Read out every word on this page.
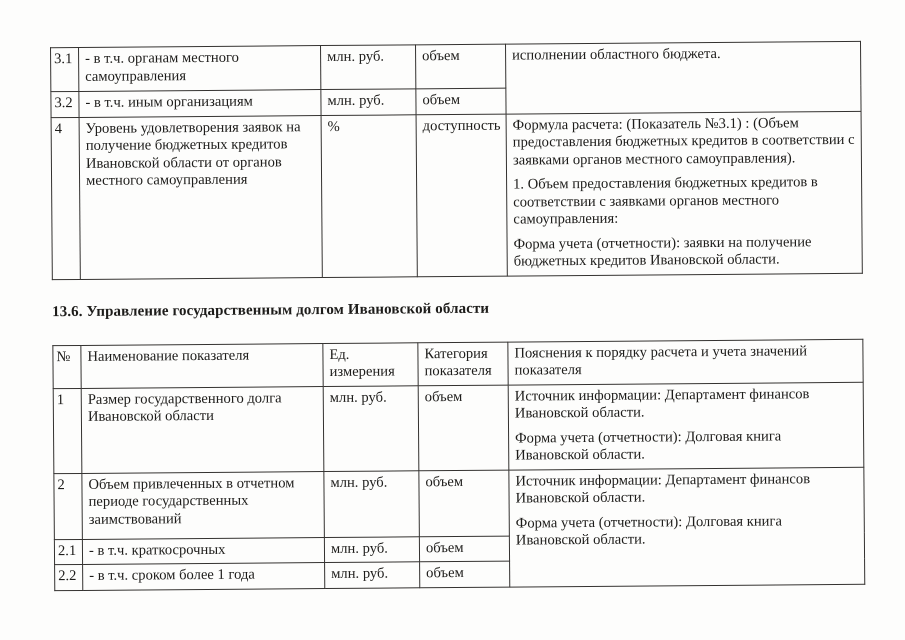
3.1	- в т.ч. органам местного самоуправления	млн. руб.	объем	исполнении областного бюджета.

3.2	- в т.ч. иным организациям	млн. руб.	объем	
4	Уровень удовлетворения заявок на получение бюджетных кредитов Ивановской области от органов местного самоуправления	%	доступность	Формула расчета: (Показатель №3.1) : (Объем предоставления бюджетных кредитов в соответствии с заявками органов местного самоуправления).

1. Объем предоставления бюджетных кредитов в соответствии с заявками органов местного самоуправления:

Форма учета (отчетности): заявки на получение бюджетных кредитов Ивановской области.

13.6. Управление государственным долгом Ивановской области
№	Наименование показателя	Ед. измерения	Категория показателя	Пояснения к порядку расчета и учета значений показателя
1	Размер государственного долга Ивановской области	млн. руб.	объем	Источник информации: Департамент финансов Ивановской области.

Форма учета (отчетности): Долговая книга Ивановской области.

2	Объем привлеченных в отчетном периоде государственных заимствований	млн. руб.	объем	Источник информации: Департамент финансов Ивановской области.

Форма учета (отчетности): Долговая книга Ивановской области.

2.1	- в т.ч. краткосрочных	млн. руб.	объем	
2.2	- в т.ч. сроком более 1 года	млн. руб.	объем	
